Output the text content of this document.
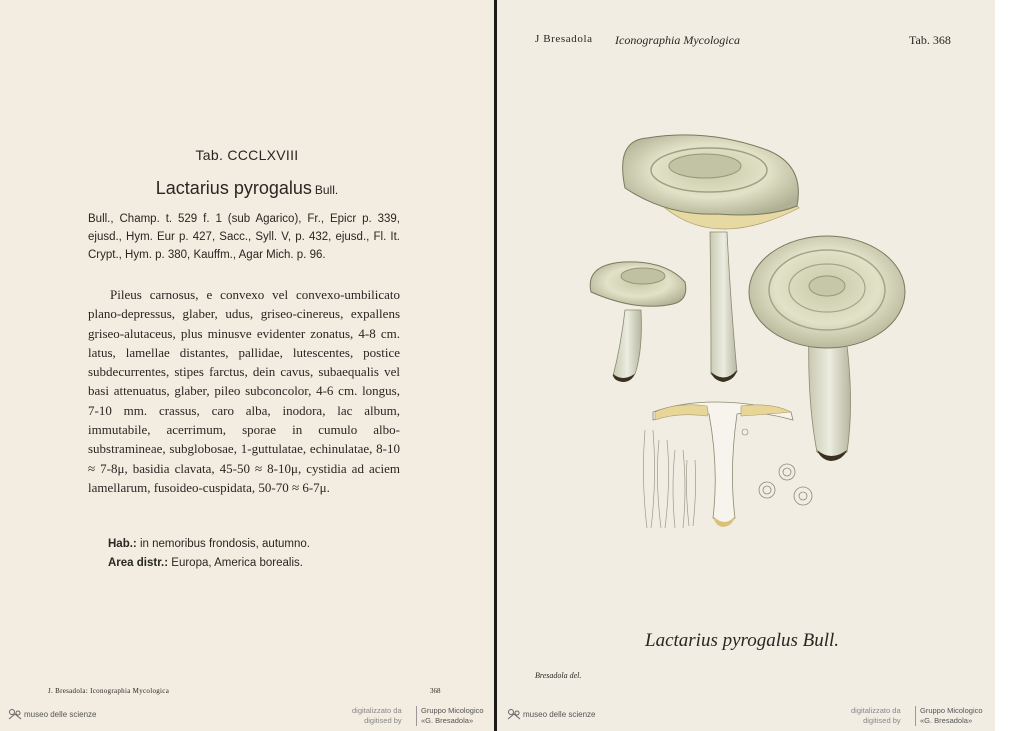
Tab. CCCLXVIII
Lactarius pyrogalus Bull.
Bull., Champ. t. 529 f. 1 (sub Agarico), Fr., Epicr p. 339, ejusd., Hym. Eur p. 427, Sacc., Syll. V, p. 432, ejusd., Fl. It. Crypt., Hym. p. 380, Kauffm., Agar Mich. p. 96.
Pileus carnosus, e convexo vel convexo-umbilicato plano-depressus, glaber, udus, griseo-cinereus, expallens griseo-alutaceus, plus minusve evidenter zonatus, 4-8 cm. latus, lamellae distantes, pallidae, lutescentes, postice subdecurrentes, stipes farctus, dein cavus, subaequalis vel basi attenuatus, glaber, pileo subconcolor, 4-6 cm. longus, 7-10 mm. crassus, caro alba, inodora, lac album, immutabile, acerrimum, sporae in cumulo albo-substramineae, subglobosae, 1-guttulatae, echinulatae, 8-10 ≈ 7-8μ, basidia clavata, 45-50 ≈ 8-10μ, cystidia ad aciem lamellarum, fusoideo-cuspidata, 50-70 ≈ 6-7μ.
Hab.: in nemoribus frondosis, autumno.
Area distr.: Europa, America borealis.
J. Bresadola: Iconographia Mycologica	368
museo delle scienze	digitalizzato da
digitised by
Gruppo Micologico
«G. Bresadola»
J Bresadola Iconographia Mycologica	Tab. 368
Lactarius pyrogalus Bull.
Bresadola del.
museo delle scienze	digitalizzato da
digitised by
Gruppo Micologico
«G. Bresadola»
